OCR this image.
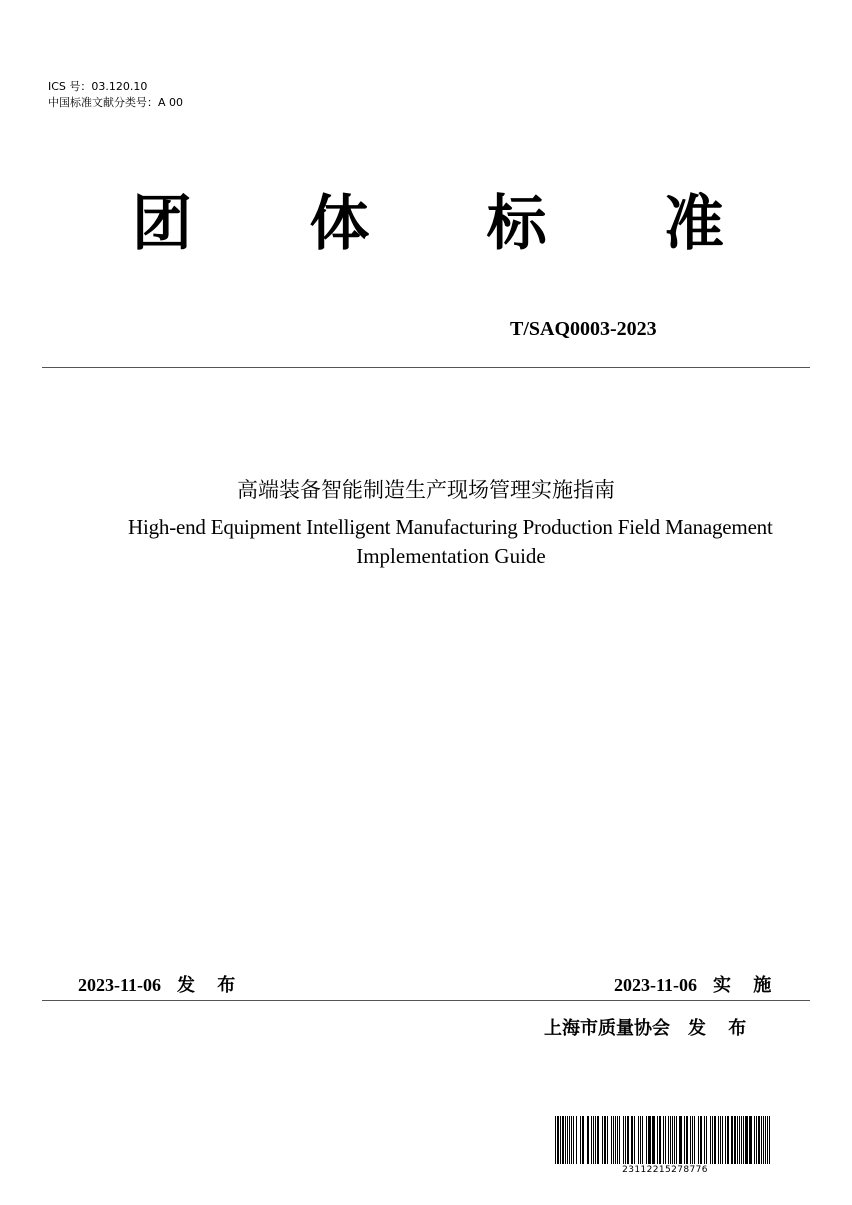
ICS 号：03.120.10
中国标准文献分类号：A 00
团 体 标 准
T/SAQ0003-2023
高端装备智能制造生产现场管理实施指南
High-end Equipment Intelligent Manufacturing Production Field Management
Implementation Guide
2023-11-06 发 布	2023-11-06 实 施
上海市质量协会 发 布
23112215278776
